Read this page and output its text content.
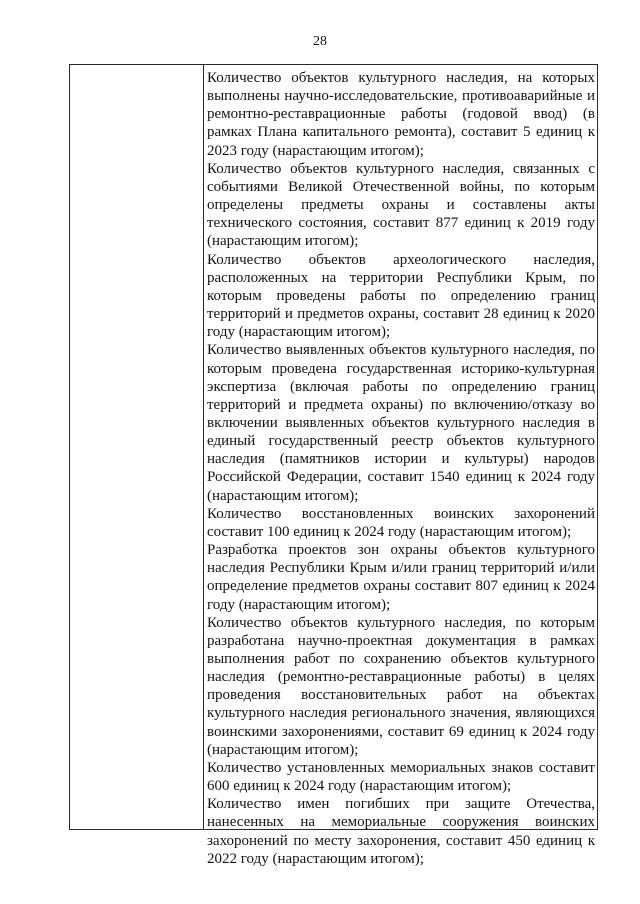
28

Количество объектов культурного наследия, на которых выполнены научно-исследовательские, противоаварийные и ремонтно-реставрационные работы (годовой ввод) (в рамках Плана капитального ремонта), составит 5 единиц к 2023 году (нарастающим итогом);

Количество объектов культурного наследия, связанных с событиями Великой Отечественной войны, по которым определены предметы охраны и составлены акты технического состояния, составит 877 единиц к 2019 году (нарастающим итогом);

Количество объектов археологического наследия, расположенных на территории Республики Крым, по которым проведены работы по определению границ территорий и предметов охраны, составит 28 единиц к 2020 году (нарастающим итогом);

Количество выявленных объектов культурного наследия, по которым проведена государственная историко-культурная экспертиза (включая работы по определению границ территорий и предмета охраны) по включению/отказу во включении выявленных объектов культурного наследия в единый государственный реестр объектов культурного наследия (памятников истории и культуры) народов Российской Федерации, составит 1540 единиц к 2024 году (нарастающим итогом);

Количество восстановленных воинских захоронений составит 100 единиц к 2024 году (нарастающим итогом);

Разработка проектов зон охраны объектов культурного наследия Республики Крым и/или границ территорий и/или определение предметов охраны составит 807 единиц к 2024 году (нарастающим итогом);

Количество объектов культурного наследия, по которым разработана научно-проектная документация в рамках выполнения работ по сохранению объектов культурного наследия (ремонтно-реставрационные работы) в целях проведения восстановительных работ на объектах культурного наследия регионального значения, являющихся воинскими захоронениями, составит 69 единиц к 2024 году (нарастающим итогом);

Количество установленных мемориальных знаков составит 600 единиц к 2024 году (нарастающим итогом);

Количество имен погибших при защите Отечества, нанесенных на мемориальные сооружения воинских захоронений по месту захоронения, составит 450 единиц к 2022 году (нарастающим итогом);
